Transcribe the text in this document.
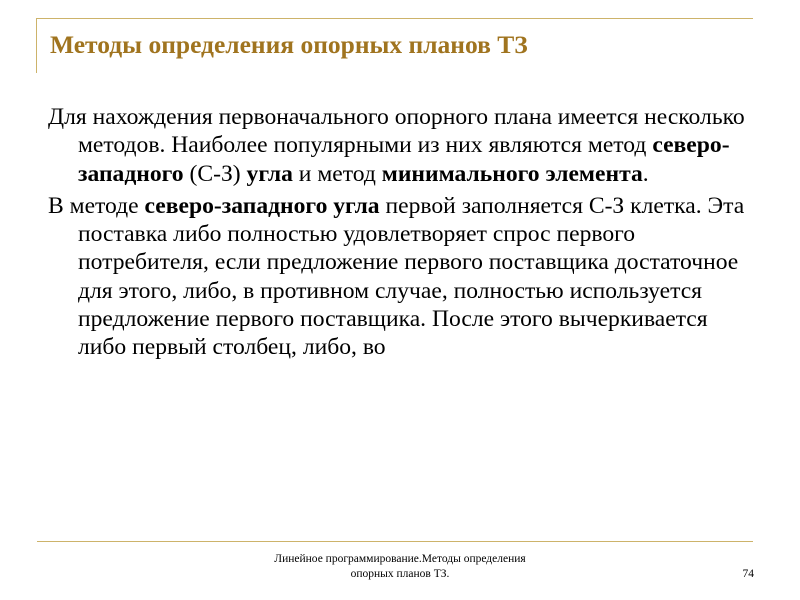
Методы определения опорных планов ТЗ

Для нахождения первоначального опорного плана имеется несколько методов. Наиболее популярными из них являются метод северо-западного (С-З) угла и метод минимального элемента.

В методе северо-западного угла первой заполняется С-З клетка. Эта поставка либо полностью удовлетворяет спрос первого потребителя, если предложение первого поставщика достаточное для этого, либо, в противном случае, полностью используется предложение первого поставщика. После этого вычеркивается либо первый столбец, либо, во

Линейное программирование.Методы определения опорных планов ТЗ.	74
